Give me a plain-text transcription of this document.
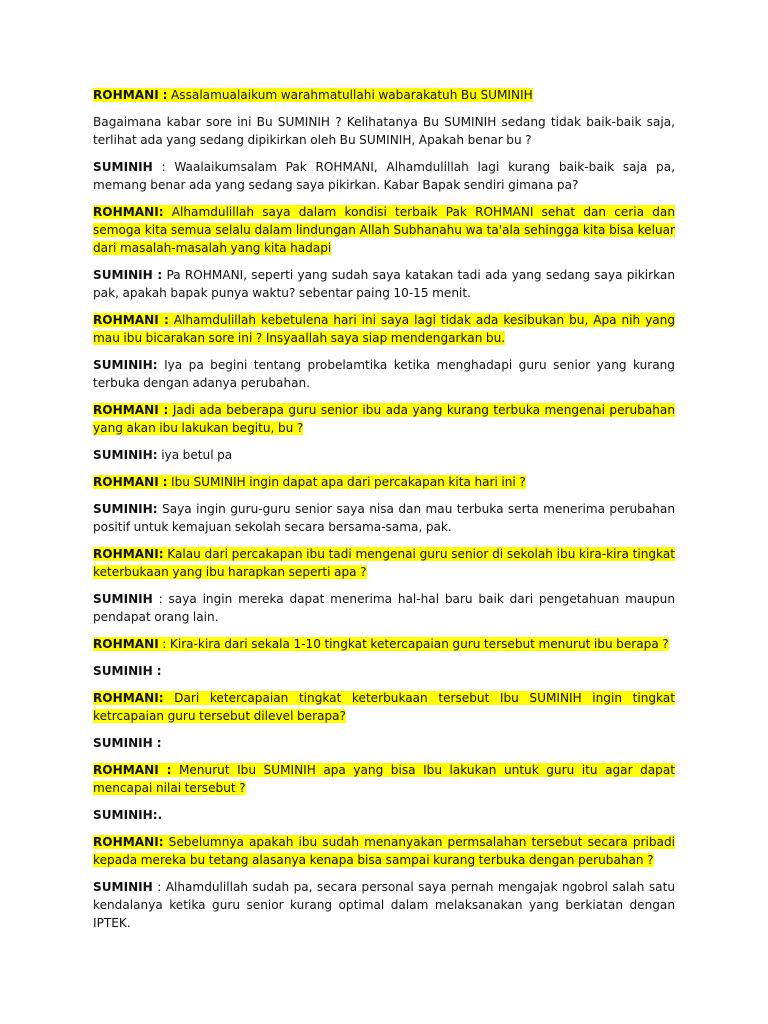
ROHMANI : Assalamualaikum warahmatullahi wabarakatuh Bu SUMINIH

Bagaimana kabar sore ini Bu SUMINIH ? Kelihatanya Bu SUMINIH sedang tidak baik-baik saja, terlihat ada yang sedang dipikirkan oleh Bu SUMINIH, Apakah benar bu ?

SUMINIH : Waalaikumsalam Pak ROHMANI, Alhamdulillah lagi kurang baik-baik saja pa, memang benar ada yang sedang saya pikirkan. Kabar Bapak sendiri gimana pa?

ROHMANI: Alhamdulillah saya dalam kondisi terbaik Pak ROHMANI sehat dan ceria dan semoga kita semua selalu dalam lindungan Allah Subhanahu wa ta'ala sehingga kita bisa keluar dari masalah-masalah yang kita hadapi

SUMINIH : Pa ROHMANI, seperti yang sudah saya katakan tadi ada yang sedang saya pikirkan pak, apakah bapak punya waktu? sebentar paing 10-15 menit.

ROHMANI : Alhamdulillah kebetulena hari ini saya lagi tidak ada kesibukan bu, Apa nih yang mau ibu bicarakan sore ini ? Insyaallah saya siap mendengarkan bu.

SUMINIH: Iya pa begini tentang probelamtika ketika menghadapi guru senior yang kurang terbuka dengan adanya perubahan.

ROHMANI : Jadi ada beberapa guru senior ibu ada yang kurang terbuka mengenai perubahan yang akan ibu lakukan begitu, bu ?

SUMINIH: iya betul pa

ROHMANI : Ibu SUMINIH ingin dapat apa dari percakapan kita hari ini ?

SUMINIH: Saya ingin guru-guru senior saya nisa dan mau terbuka serta menerima perubahan positif untuk kemajuan sekolah secara bersama-sama, pak.

ROHMANI: Kalau dari percakapan ibu tadi mengenai guru senior di sekolah ibu kira-kira tingkat keterbukaan yang ibu harapkan seperti apa ?

SUMINIH : saya ingin mereka dapat menerima hal-hal baru baik dari pengetahuan maupun pendapat orang lain.

ROHMANI : Kira-kira dari sekala 1-10 tingkat ketercapaian guru tersebut menurut ibu berapa ?

SUMINIH :

ROHMANI: Dari ketercapaian tingkat keterbukaan tersebut Ibu SUMINIH ingin tingkat ketrcapaian guru tersebut dilevel berapa?

SUMINIH :

ROHMANI : Menurut Ibu SUMINIH apa yang bisa Ibu lakukan untuk guru itu agar dapat mencapai nilai tersebut ?

SUMINIH:.

ROHMANI: Sebelumnya apakah ibu sudah menanyakan permsalahan tersebut secara pribadi kepada mereka bu tetang alasanya kenapa bisa sampai kurang terbuka dengan perubahan ?

SUMINIH : Alhamdulillah sudah pa, secara personal saya pernah mengajak ngobrol salah satu kendalanya ketika guru senior kurang optimal dalam melaksanakan yang berkiatan dengan IPTEK.
